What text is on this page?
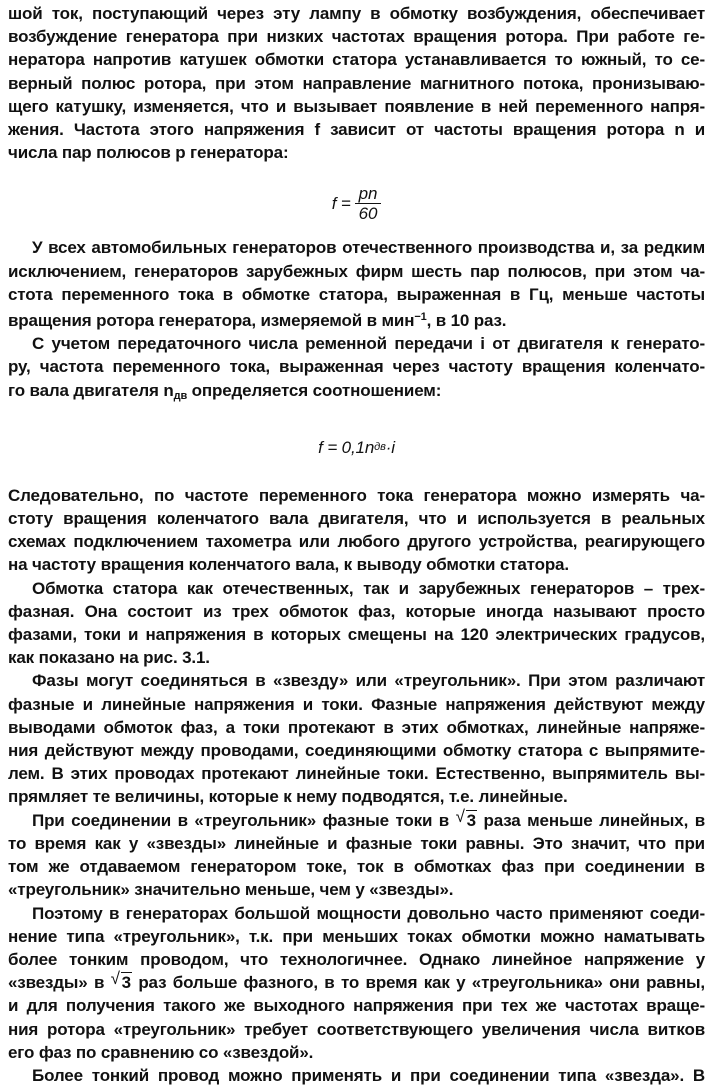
шой ток, поступающий через эту лампу в обмотку возбуждения, обеспечивает
возбуждение генератора при низких частотах вращения ротора. При работе ге-
нератора напротив катушек обмотки статора устанавливается то южный, то се-
верный полюс ротора, при этом направление магнитного потока, пронизываю-
щего катушку, изменяется, что и вызывает появление в ней переменного напря-
жения. Частота этого напряжения f зависит от частоты вращения ротора n и
числа пар полюсов p генератора:
$f = \frac{pn}{60}$
У всех автомобильных генераторов отечественного производства и, за редким
исключением, генераторов зарубежных фирм шесть пар полюсов, при этом ча-
стота переменного тока в обмотке статора, выраженная в Гц, меньше частоты
вращения ротора генератора, измеряемой в мин$^{-1}$, в 10 раз.
С учетом передаточного числа ременной передачи i от двигателя к генерато-
ру, частота переменного тока, выраженная через частоту вращения коленчато-
го вала двигателя $n_{дв}$ определяется соотношением:
f = 0,1n дв ·i
Следовательно, по частоте переменного тока генератора можно измерять ча-
стоту вращения коленчатого вала двигателя, что и используется в реальных
схемах подключением тахометра или любого другого устройства, реагирующего
на частоту вращения коленчатого вала, к выводу обмотки статора.
Обмотка статора как отечественных, так и зарубежных генераторов – трех-
фазная. Она состоит из трех обмоток фаз, которые иногда называют просто
фазами, токи и напряжения в которых смещены на 120 электрических градусов,
как показано на рис. 3.1.
Фазы могут соединяться в «звезду» или «треугольник». При этом различают
фазные и линейные напряжения и токи. Фазные напряжения действуют между
выводами обмоток фаз, а токи протекают в этих обмотках, линейные напряже-
ния действуют между проводами, соединяющими обмотку статора с выпрямите-
лем. В этих проводах протекают линейные токи. Естественно, выпрямитель вы-
прямляет те величины, которые к нему подводятся, т.е. линейные.
При соединении в «треугольник» фазные токи в √ 3 раза меньше линейных, в
то время как у «звезды» линейные и фазные токи равны. Это значит, что при
том же отдаваемом генератором токе, ток в обмотках фаз при соединении в
«треугольник» значительно меньше, чем у «звезды».
Поэтому в генераторах большой мощности довольно часто применяют соеди-
нение типа «треугольник», т.к. при меньших токах обмотки можно наматывать
более тонким проводом, что технологичнее. Однако линейное напряжение у
«звезды» в √ 3 раз больше фазного, в то время как у «треугольника» они равны,
и для получения такого же выходного напряжения при тех же частотах враще-
ния ротора «треугольник» требует соответствующего увеличения числа витков
его фаз по сравнению со «звездой».
Более тонкий провод можно применять и при соединении типа «звезда». В
